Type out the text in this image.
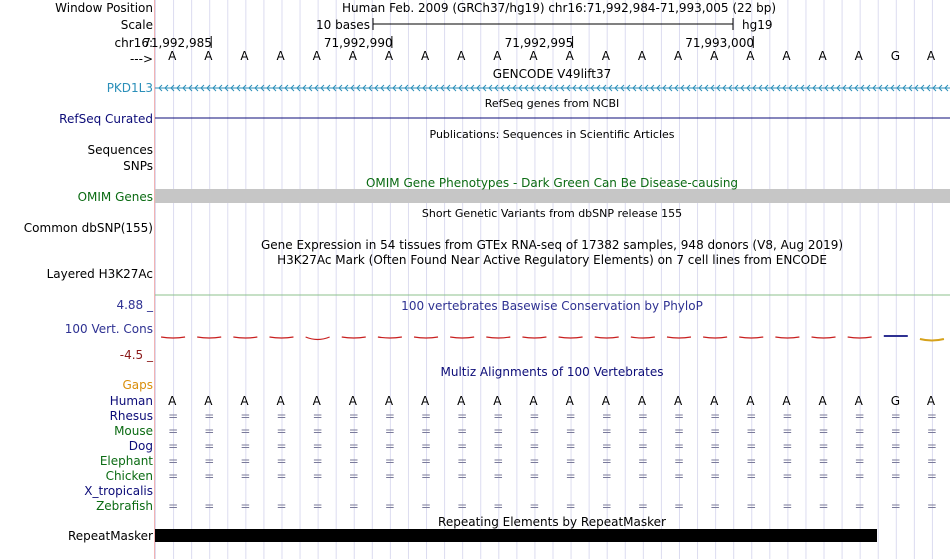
Window Position
Scale
chr16:
--->
Human Feb. 2009 (GRCh37/hg19) chr16:71,992,984-71,993,005 (22 bp)
10 bases	hg19
71,992,985	71,992,990	71,992,995	71,993,000
A A A A A A A A A A A A A A A A A A A A G A
GENCODE V49lift37
PKD1L3
RefSeq genes from NCBI
RefSeq Curated
Publications: Sequences in Scientific Articles
Sequences
SNPs
OMIM Gene Phenotypes - Dark Green Can Be Disease-causing
OMIM Genes
Short Genetic Variants from dbSNP release 155
Common dbSNP(155)
Gene Expression in 54 tissues from GTEx RNA-seq of 17382 samples, 948 donors (V8, Aug 2019)
H3K27Ac Mark (Often Found Near Active Regulatory Elements) on 7 cell lines from ENCODE
Layered H3K27Ac
100 vertebrates Basewise Conservation by PhyloP
4.88 _
100 Vert. Cons
-4.5 _
Multiz Alignments of 100 Vertebrates
Gaps
Human A A A A A A A A A A A A A A A A A A A A G A
Rhesus = = = = = = = = = = = = = = = = = = = = = =
Mouse = = = = = = = = = = = = = = = = = = = = = =
Dog = = = = = = = = = = = = = = = = = = = = = =
Elephant = = = = = = = = = = = = = = = = = = = = = =
Chicken = = = = = = = = = = = = = = = = = = = = = =
X_tropicalis
Zebrafish = = = = = = = = = = = = = = = = = = = = = =
Repeating Elements by RepeatMasker
RepeatMasker
